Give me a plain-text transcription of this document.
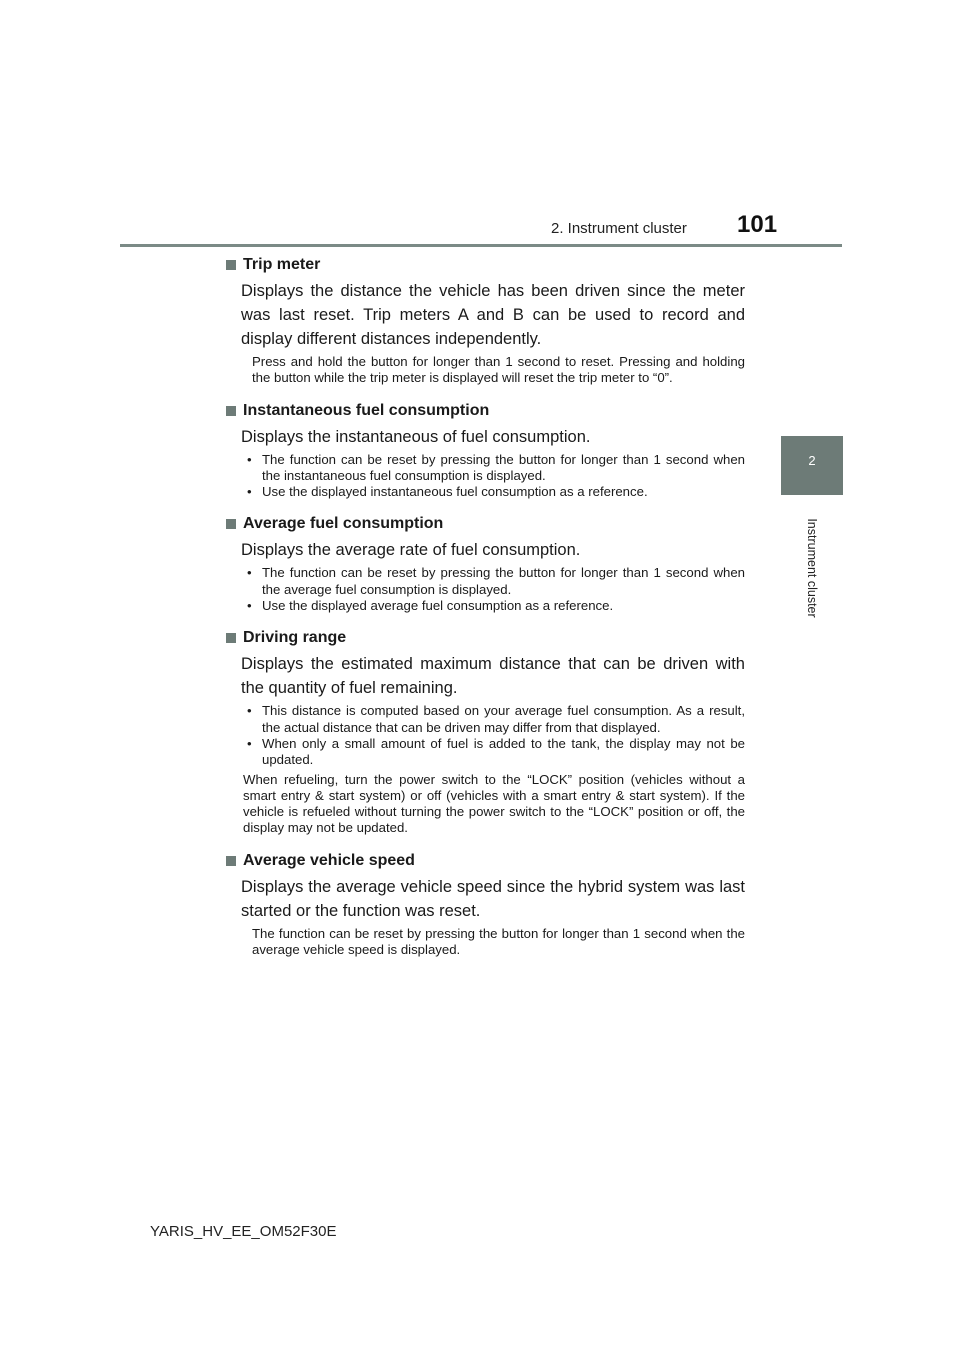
2. Instrument cluster 101
2
Instrument cluster
Trip meter

Displays the distance the vehicle has been driven since the meter was last reset. Trip meters A and B can be used to record and display different distances independently.

Press and hold the button for longer than 1 second to reset. Pressing and holding the button while the trip meter is displayed will reset the trip meter to “0”.

Instantaneous fuel consumption

Displays the instantaneous of fuel consumption.

• The function can be reset by pressing the button for longer than 1 second when the instantaneous fuel consumption is displayed.
• Use the displayed instantaneous fuel consumption as a reference.
Average fuel consumption

Displays the average rate of fuel consumption.

• The function can be reset by pressing the button for longer than 1 second when the average fuel consumption is displayed.
• Use the displayed average fuel consumption as a reference.
Driving range

Displays the estimated maximum distance that can be driven with the quantity of fuel remaining.

• This distance is computed based on your average fuel consumption. As a result, the actual distance that can be driven may differ from that displayed.
• When only a small amount of fuel is added to the tank, the display may not be updated.

When refueling, turn the power switch to the “LOCK” position (vehicles without a smart entry & start system) or off (vehicles with a smart entry & start system). If the vehicle is refueled without turning the power switch to the “LOCK” position or off, the display may not be updated.

Average vehicle speed

Displays the average vehicle speed since the hybrid system was last started or the function was reset.

The function can be reset by pressing the button for longer than 1 second when the average vehicle speed is displayed.

YARIS_HV_EE_OM52F30E
